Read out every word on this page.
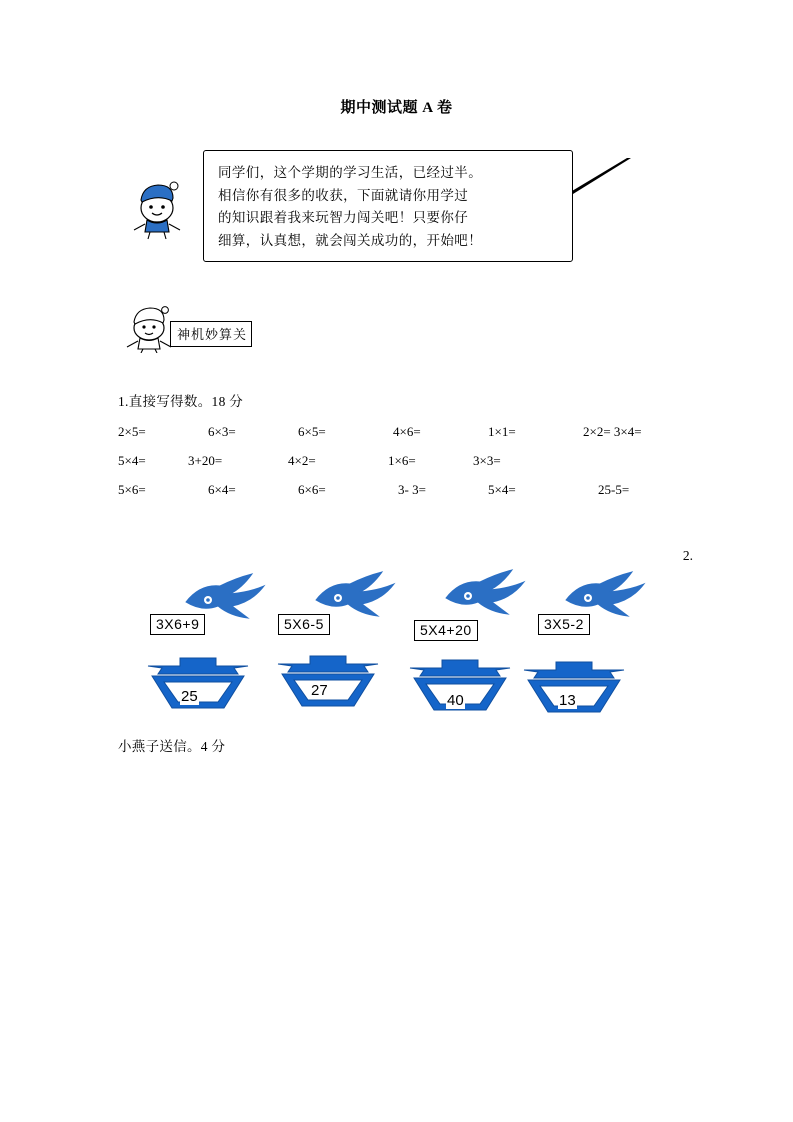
期中测试题 A 卷
同学们，这个学期的学习生活，已经过半。
相信你有很多的收获，下面就请你用学过
的知识跟着我来玩智力闯关吧！只要你仔
细算，认真想，就会闯关成功的，开始吧！
神机妙算关
1.直接写得数。18 分
2×5=	6×3=	6×5=	4×6=	1×1=	2×2= 3×4=
5×4=	3+20=	4×2=	1×6=	3×3=
5×6=	6×4=	6×6=	3- 3=	5×4=	25-5=
2.
3X6+9	5X6-5	5X4+20	3X5-2
25	27
40	13
小燕子送信。4 分
